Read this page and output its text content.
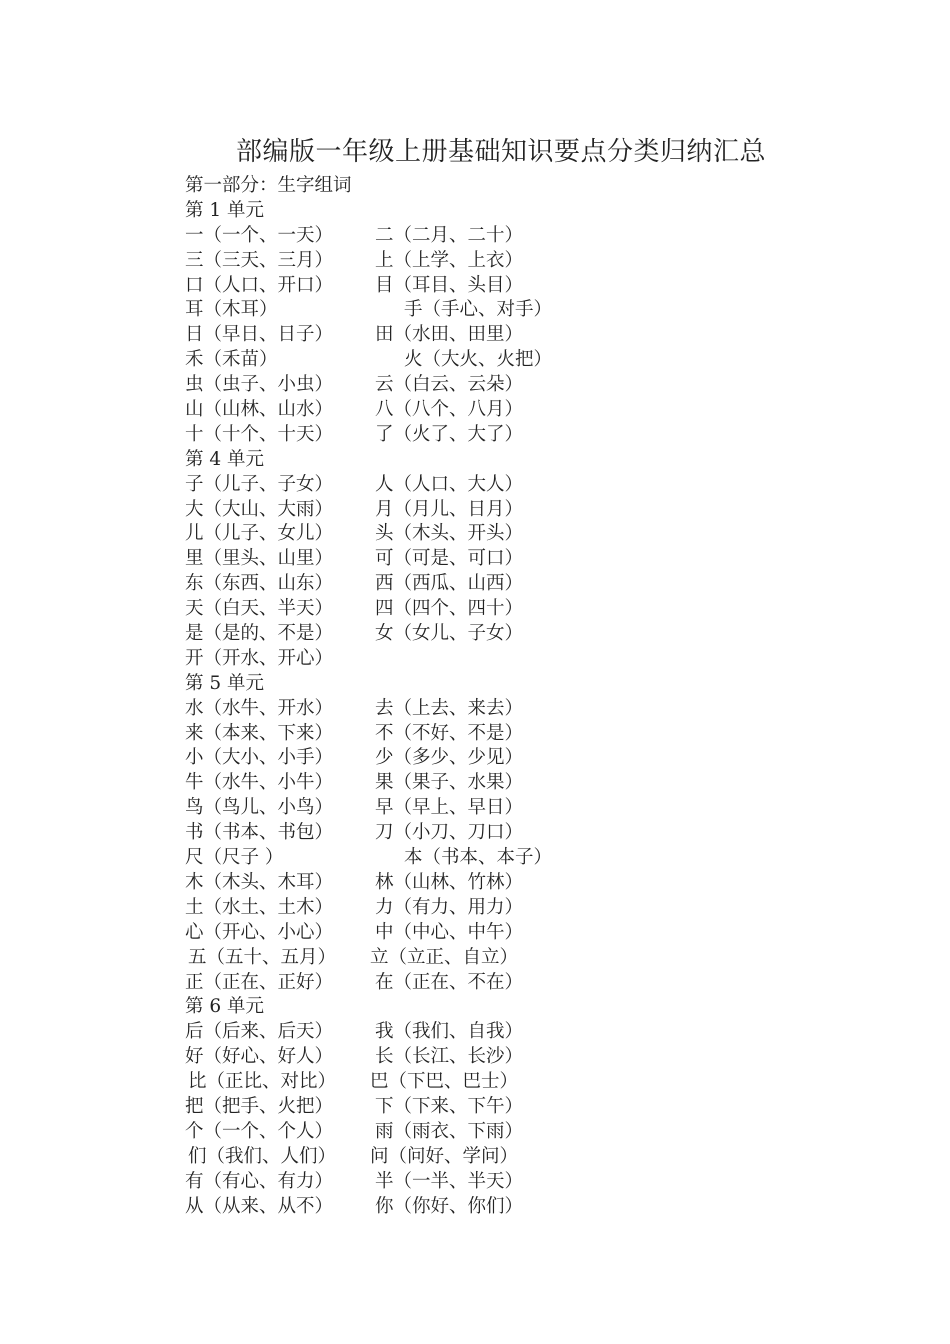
部编版一年级上册基础知识要点分类归纳汇总
第一部分：生字组词
第 1 单元
一（一个、一天） 二（二月、二十）
三（三天、三月） 上（上学、上衣）
口（人口、开口） 目（耳目、头目）
耳（木耳）	手（手心、对手）
日（早日、日子） 田（水田、田里）
禾（禾苗）	火（大火、火把）
虫（虫子、小虫） 云（白云、云朵）
山（山林、山水） 八（八个、八月）
十（十个、十天） 了（火了、大了）
第 4 单元
子（儿子、子女） 人（人口、大人）
大（大山、大雨） 月（月儿、日月）
儿（儿子、女儿） 头（木头、开头）
里（里头、山里） 可（可是、可口）
东（东西、山东） 西（西瓜、山西）
天（白天、半天） 四（四个、四十）
是（是的、不是） 女（女儿、子女）
开（开水、开心）
第 5 单元
水（水牛、开水） 去（上去、来去）
来（本来、下来） 不（不好、不是）
小（大小、小手） 少（多少、少见）
牛（水牛、小牛） 果（果子、水果）
鸟（鸟儿、小鸟） 早（早上、早日）
书（书本、书包） 刀（小刀、刀口）
尺（尺子 ）	本（书本、本子）
木（木头、木耳） 林（山林、竹林）
土（水土、土木） 力（有力、用力）
心（开心、小心） 中（中心、中午）
五（五十、五月） 立（立正、自立）
正（正在、正好） 在（正在、不在）
第 6 单元
后（后来、后天） 我（我们、自我）
好（好心、好人） 长（长江、长沙）
比（正比、对比） 巴（下巴、巴士）
把（把手、火把） 下（下来、下午）
个（一个、个人） 雨（雨衣、下雨）
们（我们、人们） 问（问好、学问）
有（有心、有力） 半（一半、半天）
从（从来、从不） 你（你好、你们）
